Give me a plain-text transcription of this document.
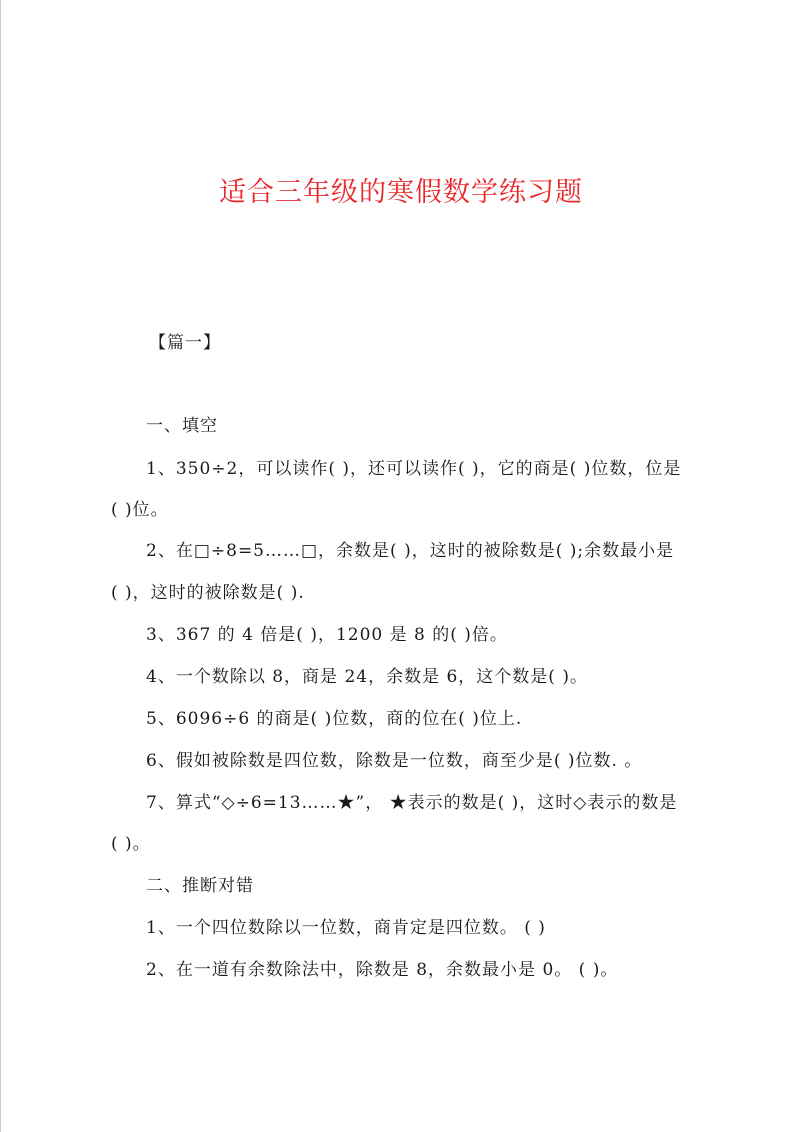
适合三年级的寒假数学练习题
【篇一】
一、填空
1、350÷2，可以读作( )，还可以读作( )，它的商是( )位数，位是
( )位。
2、在□÷8=5……□，余数是( )，这时的被除数是( );余数最小是
( )，这时的被除数是( ).
3、367 的 4 倍是( )，1200 是 8 的( )倍。
4、一个数除以 8，商是 24，余数是 6，这个数是( )。
5、6096÷6 的商是( )位数，商的位在( )位上.
6、假如被除数是四位数，除数是一位数，商至少是( )位数. 。
7、算式“◇÷6=13……★”， ★表示的数是( )，这时◇表示的数是
( )。
二、推断对错
1、一个四位数除以一位数，商肯定是四位数。 ( )
2、在一道有余数除法中，除数是 8，余数最小是 0。 ( )。
